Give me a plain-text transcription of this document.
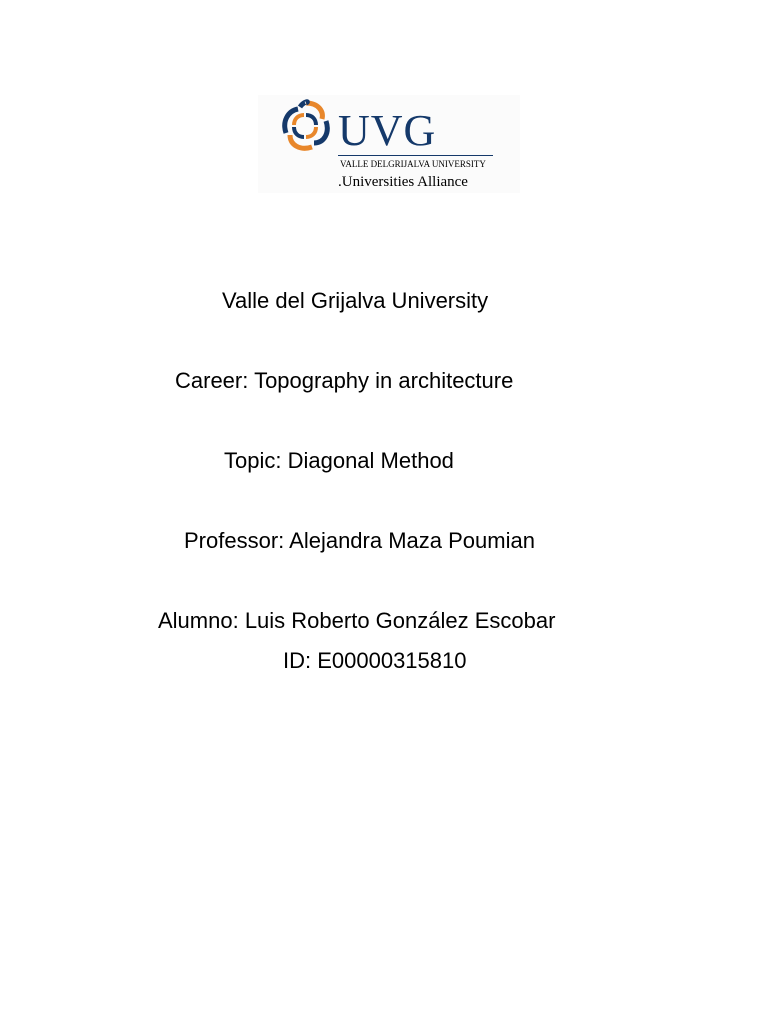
UVG
VALLE DELGRIJALVA UNIVERSITY
.Universities Alliance
Valle del Grijalva University
Career: Topography in architecture
Topic: Diagonal Method
Professor: Alejandra Maza Poumian
Alumno: Luis Roberto González Escobar
ID: E00000315810
